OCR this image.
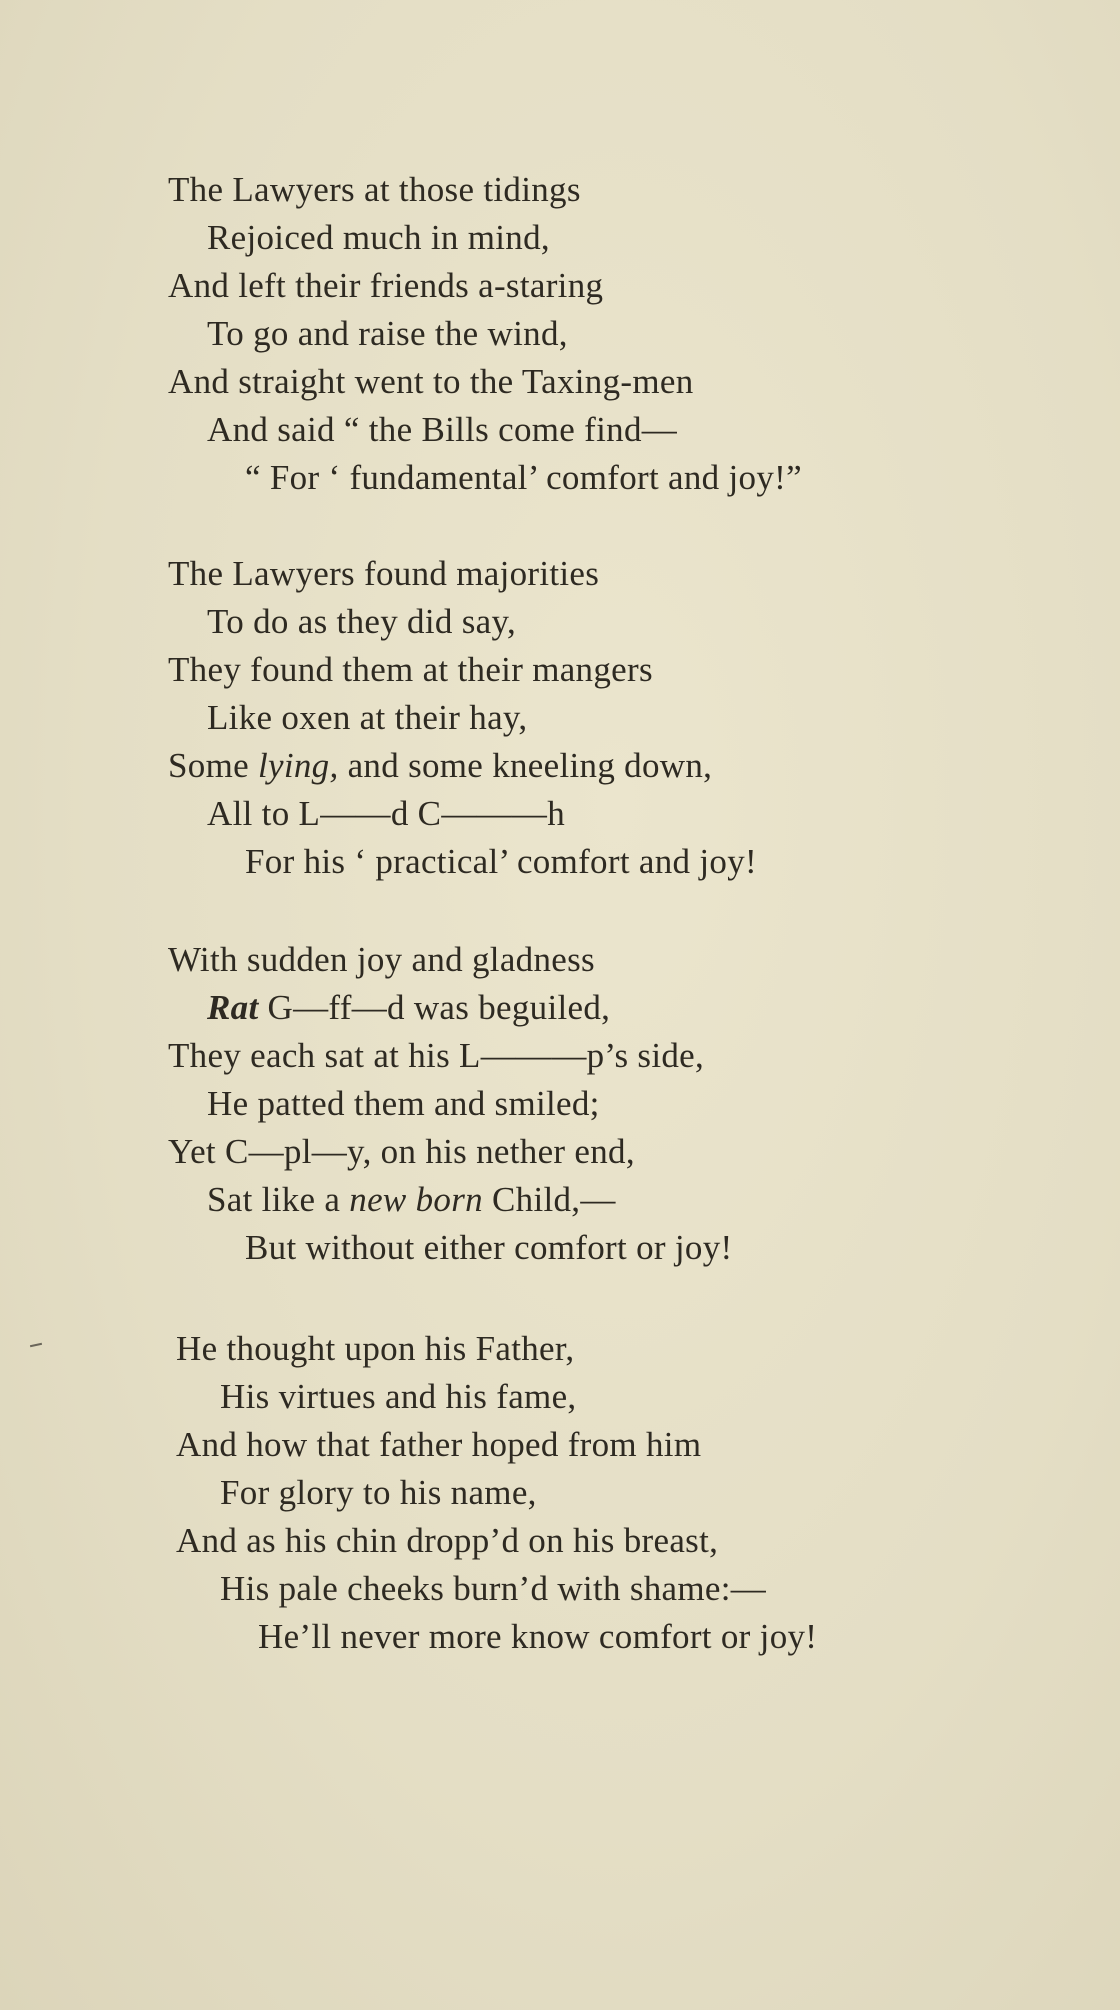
The Lawyers at those tidings
Rejoiced much in mind,
And left their friends a-staring
To go and raise the wind,
And straight went to the Taxing-men
And said “ the Bills come find—
“ For ‘ fundamental’ comfort and joy!”
The Lawyers found majorities
To do as they did say,
They found them at their mangers
Like oxen at their hay,
Some lying, and some kneeling down,
All to L——d C———h
For his ‘ practical’ comfort and joy!
With sudden joy and gladness
Rat G—ff—d was beguiled,
They each sat at his L———p’s side,
He patted them and smiled;
Yet C—pl—y, on his nether end,
Sat like a new born Child,—
But without either comfort or joy!
He thought upon his Father,
His virtues and his fame,
And how that father hoped from him
For glory to his name,
And as his chin dropp’d on his breast,
His pale cheeks burn’d with shame:—
He’ll never more know comfort or joy!
